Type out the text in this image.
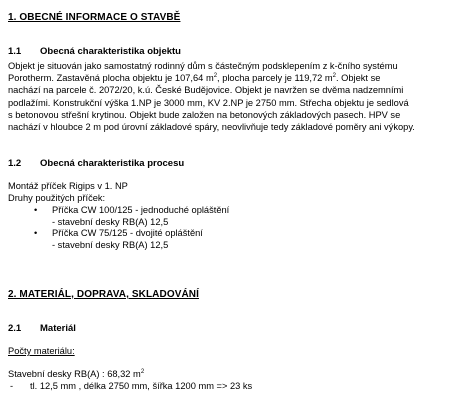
1. OBECNÉ INFORMACE O STAVBĚ
1.1 Obecná charakteristika objektu
Objekt je situován jako samostatný rodinný dům s částečným podsklepením z k-čního systému
Porotherm. Zastavěná plocha objektu je 107,64 $m^2$, plocha parcely je 119,72 $m^2$. Objekt se
nachází na parcele č. 2072/20, k.ú. České Budějovice. Objekt je navržen se dvěma nadzemními
podlažími. Konstrukční výška 1.NP je 3000 mm, KV 2.NP je 2750 mm. Střecha objektu je sedlová
s betonovou střešní krytinou. Objekt bude založen na betonových základových pasech. HPV se
nachází v hloubce 2 m pod úrovní základové spáry, neovlivňuje tedy základové poměry ani výkopy.
1.2 Obecná charakteristika procesu
Montáž příček Rigips v 1. NP
Druhy použitých příček:
• Příčka CW 100/125 - jednoduché opláštění
- stavební desky RB(A) 12,5
• Příčka CW 75/125 - dvojité opláštění
- stavební desky RB(A) 12,5
2. MATERIÁL, DOPRAVA, SKLADOVÁNÍ
2.1 Materiál
Počty materiálu:
Stavební desky RB(A) : 68,32 $m^2$
- tl. 12,5 mm , délka 2750 mm, šířka 1200 mm => 23 ks
